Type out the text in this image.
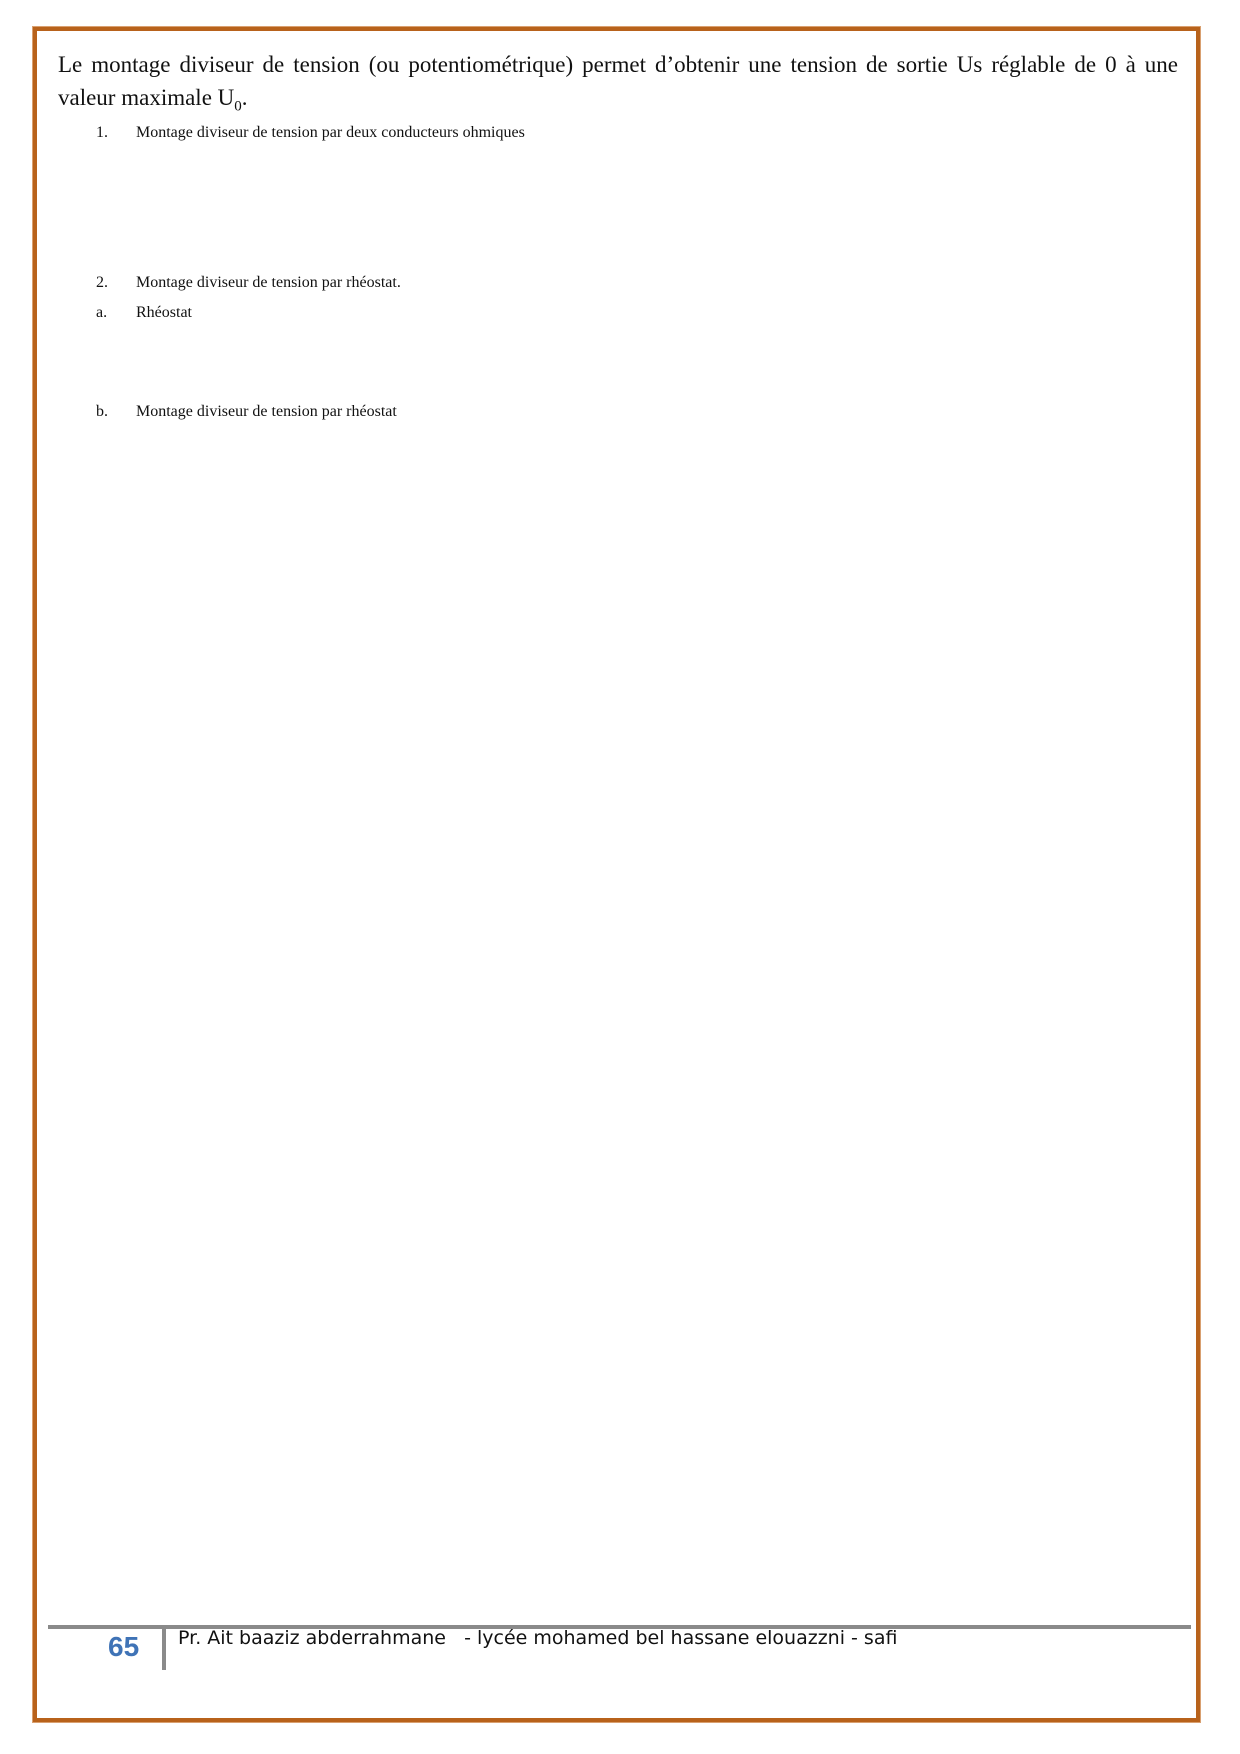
Le montage diviseur de tension (ou potentiométrique) permet d’obtenir une tension de sortie Us réglable de 0 à une valeur maximale $U_0$.

1. Montage diviseur de tension par deux conducteurs ohmiques
2. Montage diviseur de tension par rhéostat.
a. Rhéostat
b. Montage diviseur de tension par rhéostat
65	Pr. Ait baaziz abderrahmane   - lycée mohamed bel hassane elouazzni - safi
